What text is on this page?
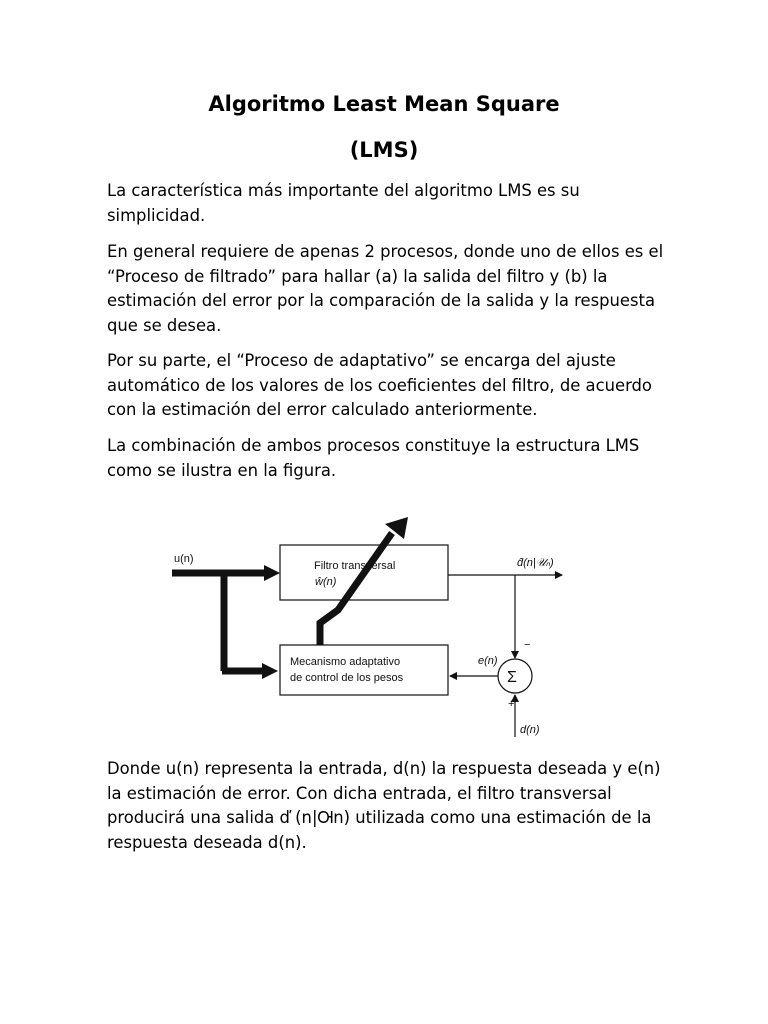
Algoritmo Least Mean Square
(LMS)

La característica más importante del algoritmo LMS es su simplicidad.

En general requiere de apenas 2 procesos, donde uno de ellos es el “Proceso de filtrado” para hallar (a) la salida del filtro y (b) la estimación del error por la comparación de la salida y la respuesta que se desea.

Por su parte, el “Proceso de adaptativo” se encarga del ajuste automático de los valores de los coeficientes del filtro, de acuerdo con la estimación del error calculado anteriormente.

La combinación de ambos procesos constituye la estructura LMS como se ilustra en la figura.

u(n)
Filtro transversal
ŵ(n)
Mecanismo adaptativo
de control de los pesos
d̂(n|𝒰ₙ)
−
Σ
e(n)
+
d(n)

Donde u(n) representa la entrada, d(n) la respuesta deseada y e(n) la estimación de error. Con dicha entrada, el filtro transversal producirá una salida ď (n|Ꮊn) utilizada como una estimación de la respuesta deseada d(n).
